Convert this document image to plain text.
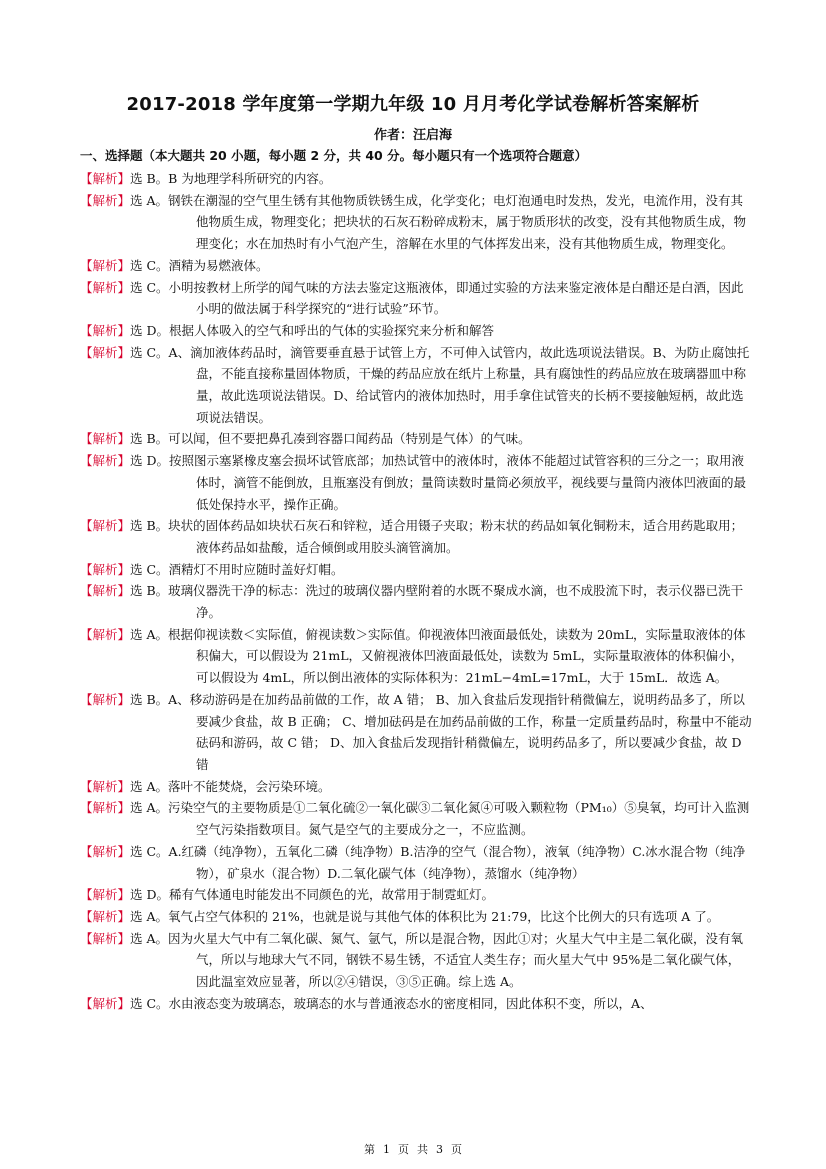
2017-2018 学年度第一学期九年级 10 月月考化学试卷解析答案解析
作者：汪启海
一、选择题（本大题共 20 小题，每小题 2 分，共 40 分。每小题只有一个选项符合题意）
【解析】选 B。B 为地理学科所研究的内容。
【解析】选 A。钢铁在潮湿的空气里生锈有其他物质铁锈生成，化学变化；电灯泡通电时发热，发光，电流作用，没有其他物质生成，物理变化；把块状的石灰石粉碎成粉末，属于物质形状的改变，没有其他物质生成，物理变化；水在加热时有小气泡产生，溶解在水里的气体挥发出来，没有其他物质生成，物理变化。
【解析】选 C。酒精为易燃液体。
【解析】选 C。小明按教材上所学的闻气味的方法去鉴定这瓶液体，即通过实验的方法来鉴定液体是白醋还是白酒，因此小明的做法属于科学探究的“进行试验”环节。
【解析】选 D。根据人体吸入的空气和呼出的气体的实验探究来分析和解答
【解析】选 C。A、滴加液体药品时，滴管要垂直悬于试管上方，不可伸入试管内，故此选项说法错误。B、为防止腐蚀托盘，不能直接称量固体物质，干燥的药品应放在纸片上称量，具有腐蚀性的药品应放在玻璃器皿中称量，故此选项说法错误。D、给试管内的液体加热时，用手拿住试管夹的长柄不要接触短柄，故此选项说法错误。
【解析】选 B。可以闻，但不要把鼻孔凑到容器口闻药品（特别是气体）的气味。
【解析】选 D。按照图示塞紧橡皮塞会损坏试管底部；加热试管中的液体时，液体不能超过试管容积的三分之一；取用液体时，滴管不能倒放，且瓶塞没有倒放；量筒读数时量筒必须放平，视线要与量筒内液体凹液面的最低处保持水平，操作正确。
【解析】选 B。块状的固体药品如块状石灰石和锌粒，适合用镊子夹取；粉末状的药品如氧化铜粉末，适合用药匙取用；液体药品如盐酸，适合倾倒或用胶头滴管滴加。
【解析】选 C。酒精灯不用时应随时盖好灯帽。
【解析】选 B。玻璃仪器洗干净的标志：洗过的玻璃仪器内壁附着的水既不聚成水滴，也不成股流下时，表示仪器已洗干净。
【解析】选 A。根据仰视读数＜实际值，俯视读数＞实际值。仰视液体凹液面最低处，读数为 20mL，实际量取液体的体积偏大，可以假设为 21mL，又俯视液体凹液面最低处，读数为 5mL，实际量取液体的体积偏小，可以假设为 4mL，所以倒出液体的实际体积为：21mL−4mL=17mL，大于 15mL．故选 A。
【解析】选 B。A、移动游码是在加药品前做的工作，故 A 错； B、加入食盐后发现指针稍微偏左，说明药品多了，所以要减少食盐，故 B 正确； C、增加砝码是在加药品前做的工作，称量一定质量药品时，称量中不能动砝码和游码，故 C 错； D、加入食盐后发现指针稍微偏左，说明药品多了，所以要减少食盐，故 D 错
【解析】选 A。落叶不能焚烧，会污染环境。
【解析】选 A。污染空气的主要物质是①二氧化硫②一氧化碳③二氧化氮④可吸入颗粒物（PM₁₀）⑤臭氧，均可计入监测空气污染指数项目。氮气是空气的主要成分之一，不应监测。
【解析】选 C。A.红磷（纯净物），五氧化二磷（纯净物）B.洁净的空气（混合物），液氧（纯净物）C.冰水混合物（纯净物），矿泉水（混合物）D.二氧化碳气体（纯净物），蒸馏水（纯净物）
【解析】选 D。稀有气体通电时能发出不同颜色的光，故常用于制霓虹灯。
【解析】选 A。氧气占空气体积的 21%，也就是说与其他气体的体积比为 21:79，比这个比例大的只有选项 A 了。
【解析】选 A。因为火星大气中有二氧化碳、氮气、氩气，所以是混合物，因此①对；火星大气中主是二氧化碳，没有氧气，所以与地球大气不同，钢铁不易生锈，不适宜人类生存；而火星大气中 95%是二氧化碳气体，因此温室效应显著，所以②④错误，③⑤正确。综上选 A。
【解析】选 C。水由液态变为玻璃态，玻璃态的水与普通液态水的密度相同，因此体积不变，所以，A、
第 1 页 共 3 页
